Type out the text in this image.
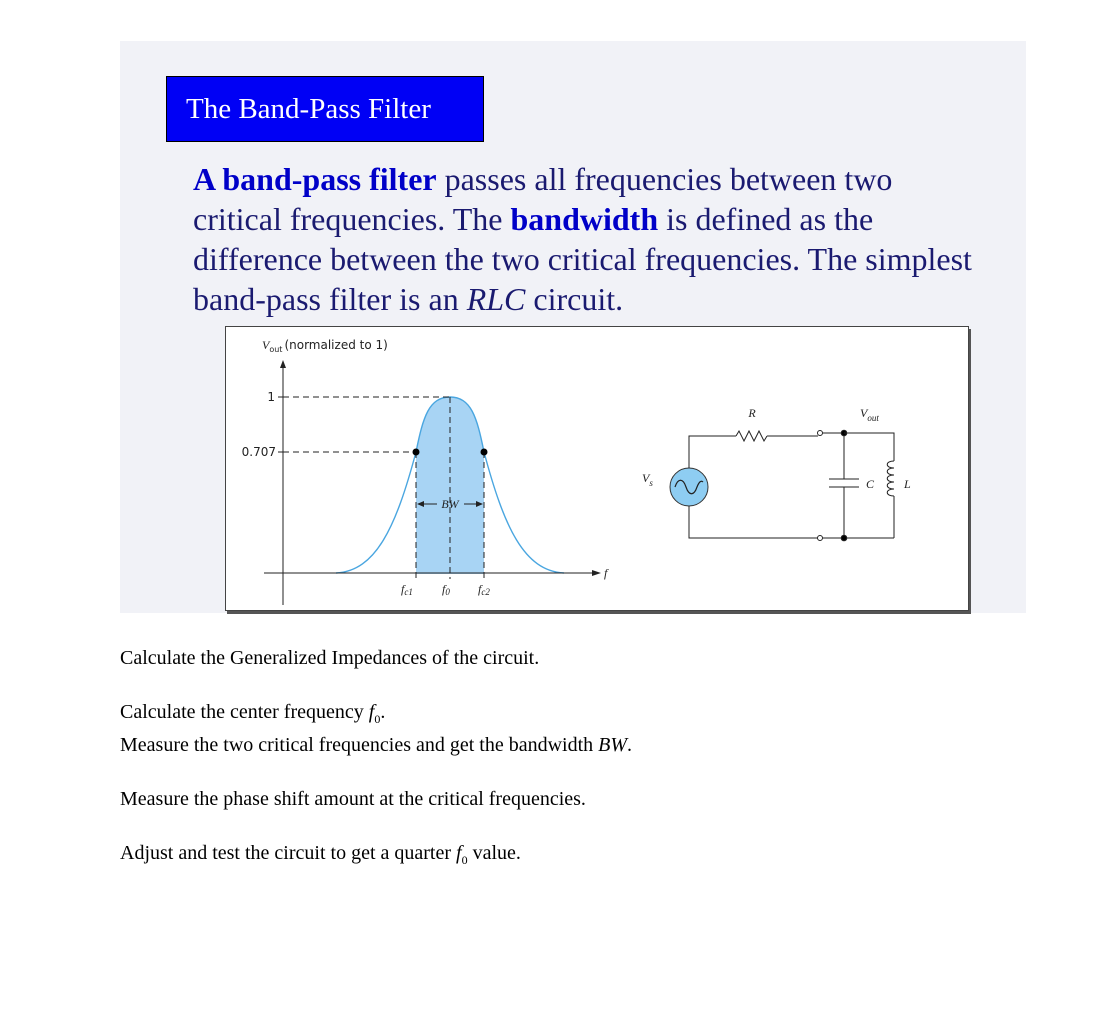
The Band-Pass Filter
A band-pass filter passes all frequencies between two critical frequencies. The bandwidth is defined as the difference between the two critical frequencies. The simplest band-pass filter is an RLC circuit.
BW
$V_{out}$ (normalized to 1)
1
0.707
f
fc1 f0 fc2
$V_s$
R	$V_{out}$
C L

Calculate the Generalized Impedances of the circuit.

Calculate the center frequency $f_0$.

Measure the two critical frequencies and get the bandwidth BW.

Measure the phase shift amount at the critical frequencies.

Adjust and test the circuit to get a quarter $f_0$ value.
